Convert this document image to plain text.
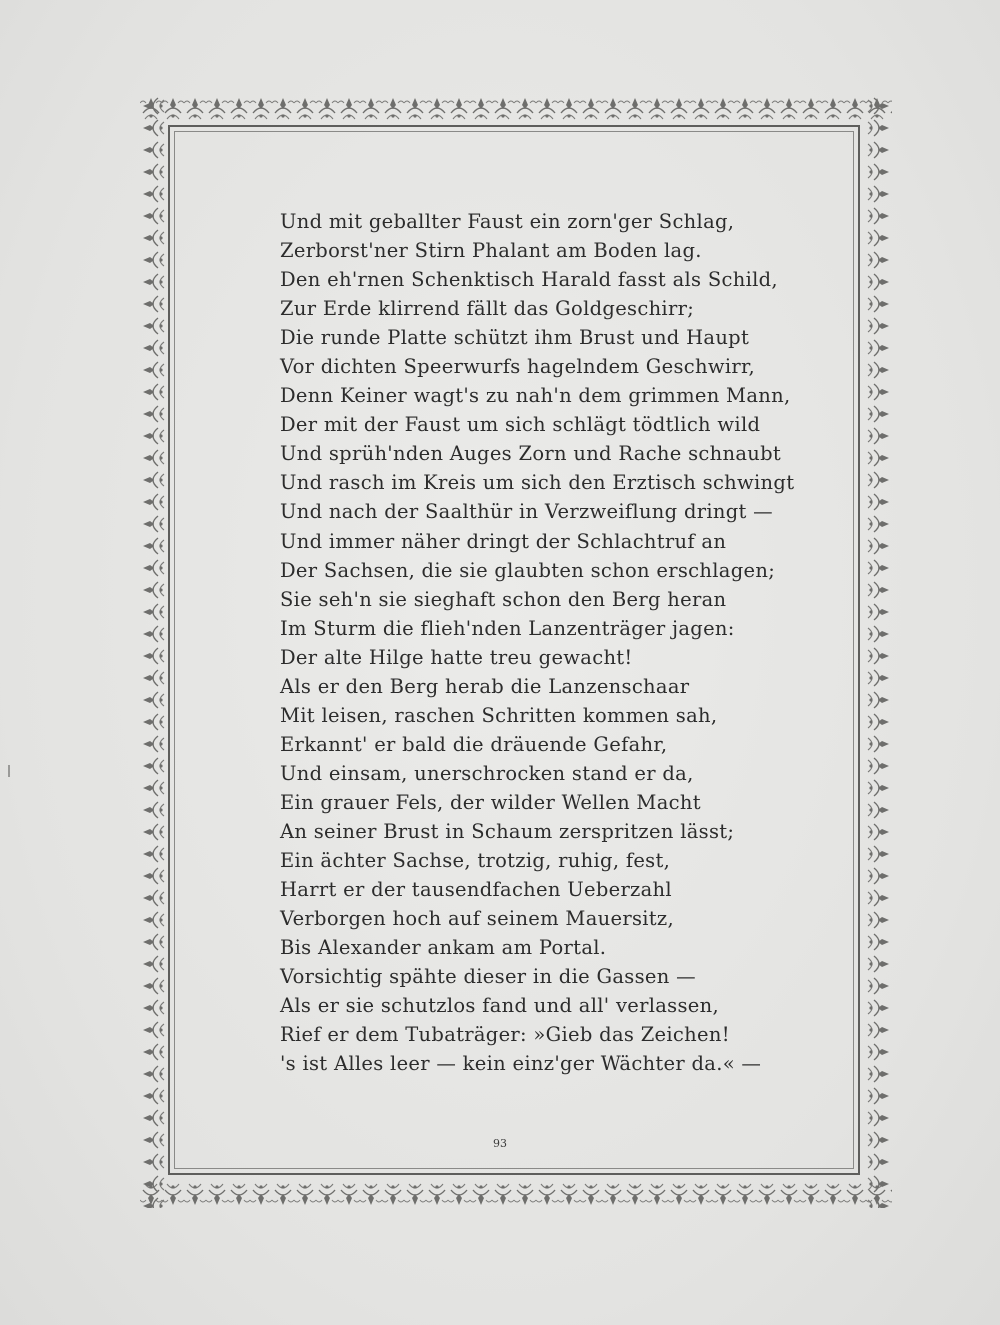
Und mit geballter Faust ein zorn'ger Schlag,
Zerborst'ner Stirn Phalant am Boden lag.
Den eh'rnen Schenktisch Harald fasst als Schild,
Zur Erde klirrend fällt das Goldgeschirr;
Die runde Platte schützt ihm Brust und Haupt
Vor dichten Speerwurfs hagelndem Geschwirr,
Denn Keiner wagt's zu nah'n dem grimmen Mann,
Der mit der Faust um sich schlägt tödtlich wild
Und sprüh'nden Auges Zorn und Rache schnaubt
Und rasch im Kreis um sich den Erztisch schwingt
Und nach der Saalthür in Verzweiflung dringt —
Und immer näher dringt der Schlachtruf an
Der Sachsen, die sie glaubten schon erschlagen;
Sie seh'n sie sieghaft schon den Berg heran
Im Sturm die flieh'nden Lanzenträger jagen:
Der alte Hilge hatte treu gewacht!
Als er den Berg herab die Lanzenschaar
Mit leisen, raschen Schritten kommen sah,
Erkannt' er bald die dräuende Gefahr,
Und einsam, unerschrocken stand er da,
Ein grauer Fels, der wilder Wellen Macht
An seiner Brust in Schaum zerspritzen lässt;
Ein ächter Sachse, trotzig, ruhig, fest,
Harrt er der tausendfachen Ueberzahl
Verborgen hoch auf seinem Mauersitz,
Bis Alexander ankam am Portal.
Vorsichtig spähte dieser in die Gassen —
Als er sie schutzlos fand und all' verlassen,
Rief er dem Tubaträger: »Gieb das Zeichen!
's ist Alles leer — kein einz'ger Wächter da.« —
93
